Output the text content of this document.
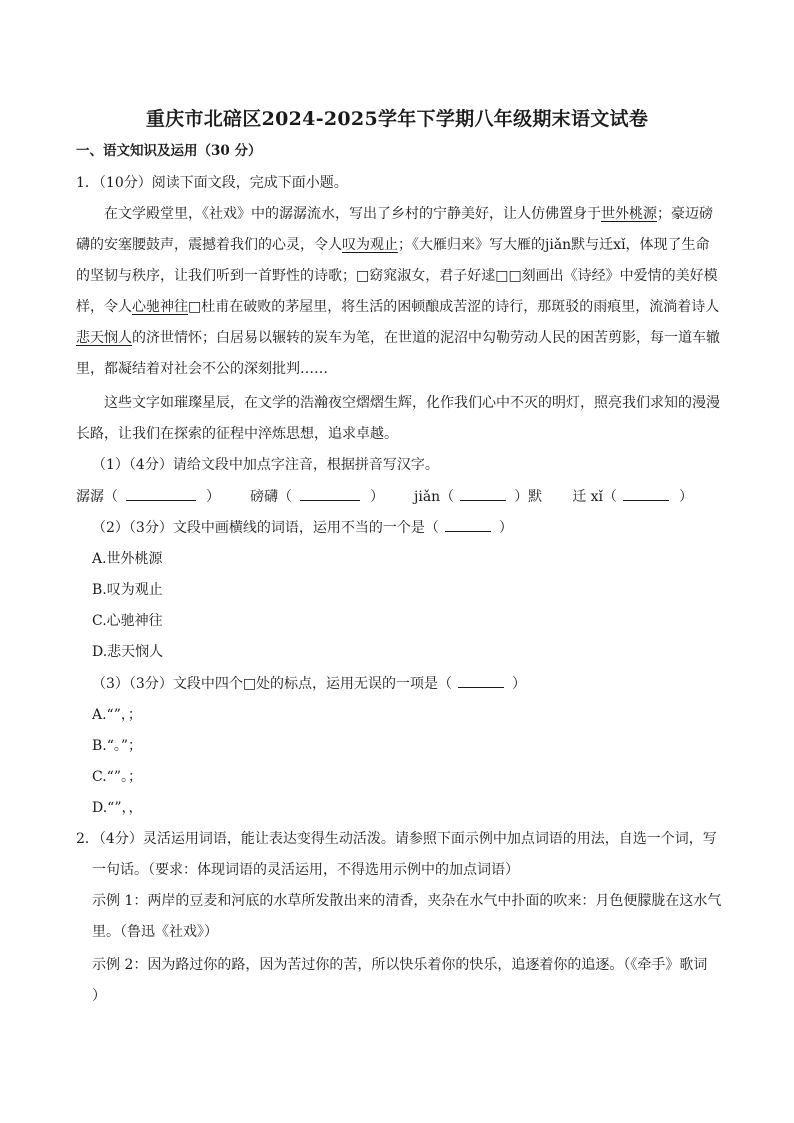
重庆市北碚区2024-2025学年下学期八年级期末语文试卷
一、语文知识及运用（30 分）
1．（10分）阅读下面文段，完成下面小题。
在文学殿堂里，《社戏》中的潺潺流水，写出了乡村的宁静美好，让人仿佛置身于世外桃源；豪迈磅
礴的安塞腰鼓声，震撼着我们的心灵，令人叹为观止；《大雁归来》写大雁的jiǎn默与迁xǐ，体现了生命
的坚韧与秩序，让我们听到一首野性的诗歌；□窈窕淑女，君子好逑□□刻画出《诗经》中爱情的美好模
样，令人心驰神往□杜甫在破败的茅屋里，将生活的困顿酿成苦涩的诗行，那斑驳的雨痕里，流淌着诗人
悲天悯人的济世情怀；白居易以辗转的炭车为笔，在世道的泥沼中勾勒劳动人民的困苦剪影，每一道车辙
里，都凝结着对社会不公的深刻批判……
这些文字如璀璨星辰，在文学的浩瀚夜空熠熠生辉，化作我们心中不灭的明灯，照亮我们求知的漫漫
长路，让我们在探索的征程中淬炼思想，追求卓越。
（1）（4分）请给文段中加点字注音，根据拼音写汉字。
潺潺（	） 磅礴（	） jiǎn（	）默 迁 xǐ（	）
（2）（3分）文段中画横线的词语，运用不当的一个是（	）
A.世外桃源
B.叹为观止
C.心驰神往
D.悲天悯人
（3）（3分）文段中四个□处的标点，运用无误的一项是（	）
A.“”，；
B.“。”；
C.“”。；
D.“”，，
2．（4分）灵活运用词语，能让表达变得生动活泼。请参照下面示例中加点词语的用法，自选一个词，写
一句话。（要求：体现词语的灵活运用，不得选用示例中的加点词语）
示例 1：两岸的豆麦和河底的水草所发散出来的清香，夹杂在水气中扑面的吹来：月色便朦胧在这水气
里。（鲁迅《社戏》）
示例 2：因为路过你的路，因为苦过你的苦，所以快乐着你的快乐，追逐着你的追逐。（《牵手》歌词
）
